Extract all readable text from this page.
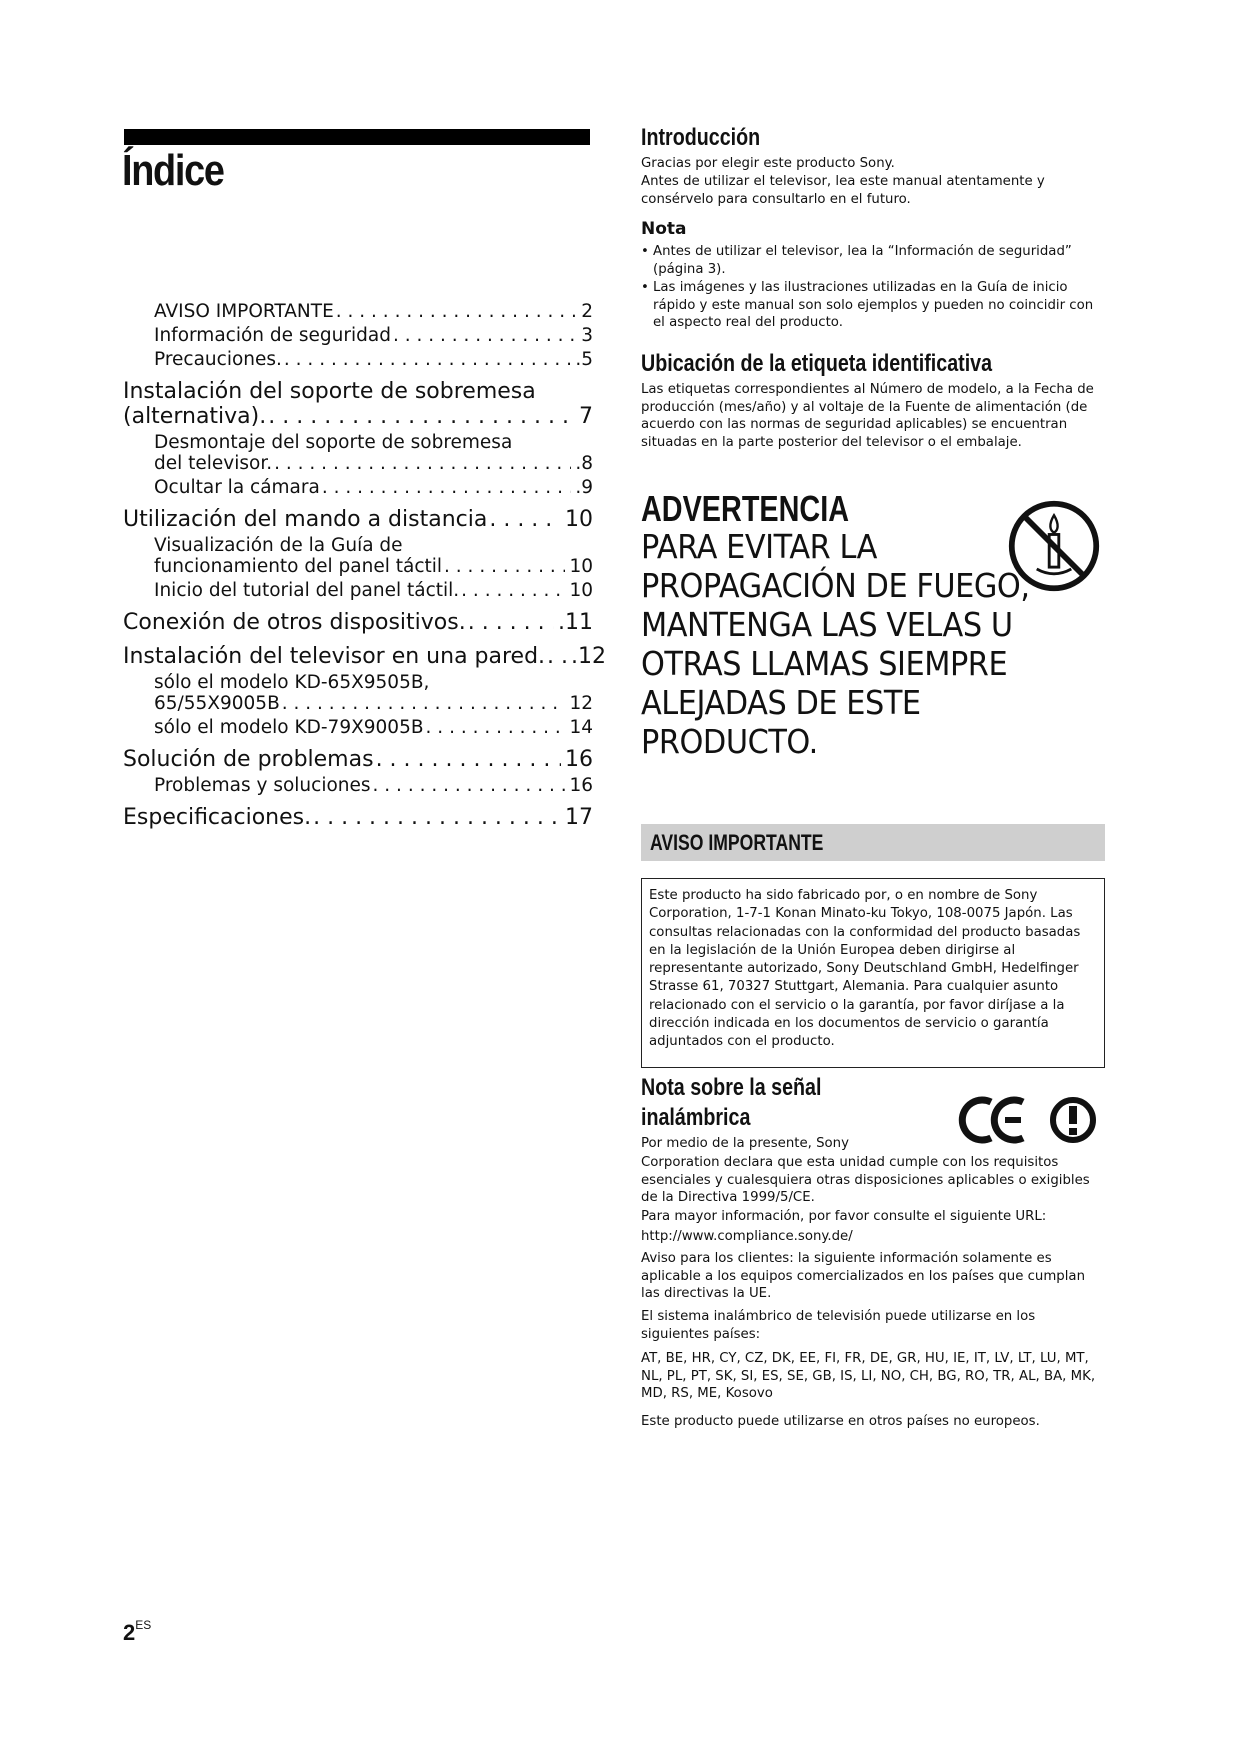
Índice
AVISO IMPORTANTE . . .	2
Información de seguridad . . .	3
Precauciones. . . .	.5
Instalación del soporte de sobremesa
(alternativa). . . .	7
Desmontaje del soporte de sobremesa
del televisor. . . .	.8
Ocultar la cámara . . .	.9
Utilización del mando a distancia . . .	10
Visualización de la Guía de
funcionamiento del panel táctil . . .	10
Inicio del tutorial del panel táctil. . . .	10
Conexión de otros dispositivos. . . .	.11
Instalación del televisor en una pared. . . . .12
sólo el modelo KD-65X9505B,
65/55X9005B . . .	12
sólo el modelo KD-79X9005B . . .	14
Solución de problemas . . .	16
Problemas y soluciones . . .	16
Especificaciones. . . .	17
$2^{ES}$
Introducción

Gracias por elegir este producto Sony.

Antes de utilizar el televisor, lea este manual atentamente y consérvelo para consultarlo en el futuro.

Nota
• Antes de utilizar el televisor, lea la “Información de seguridad” (página 3).
• Las imágenes y las ilustraciones utilizadas en la Guía de inicio rápido y este manual son solo ejemplos y pueden no coincidir con el aspecto real del producto.
Ubicación de la etiqueta identificativa

Las etiquetas correspondientes al Número de modelo, a la Fecha de producción (mes/año) y al voltaje de la Fuente de alimentación (de acuerdo con las normas de seguridad aplicables) se encuentran situadas en la parte posterior del televisor o el embalaje.

ADVERTENCIA

PARA EVITAR LA PROPAGACIÓN DE FUEGO, MANTENGA LAS VELAS U OTRAS LLAMAS SIEMPRE ALEJADAS DE ESTE PRODUCTO.

AVISO IMPORTANTE
Este producto ha sido fabricado por, o en nombre de Sony Corporation, 1-7-1 Konan Minato-ku Tokyo, 108-0075 Japón. Las consultas relacionadas con la conformidad del producto basadas en la legislación de la Unión Europea deben dirigirse al representante autorizado, Sony Deutschland GmbH, Hedelfinger Strasse 61, 70327 Stuttgart, Alemania. Para cualquier asunto relacionado con el servicio o la garantía, por favor diríjase a la dirección indicada en los documentos de servicio o garantía adjuntados con el producto.
Nota sobre la señal
inalámbrica

Por medio de la presente, Sony

Corporation declara que esta unidad cumple con los requisitos esenciales y cualesquiera otras disposiciones aplicables o exigibles de la Directiva 1999/5/CE.

Para mayor información, por favor consulte el siguiente URL:

http://www.compliance.sony.de/

Aviso para los clientes: la siguiente información solamente es aplicable a los equipos comercializados en los países que cumplan las directivas la UE.

El sistema inalámbrico de televisión puede utilizarse en los siguientes países:

AT, BE, HR, CY, CZ, DK, EE, FI, FR, DE, GR, HU, IE, IT, LV, LT, LU, MT, NL, PL, PT, SK, SI, ES, SE, GB, IS, LI, NO, CH, BG, RO, TR, AL, BA, MK, MD, RS, ME, Kosovo

Este producto puede utilizarse en otros países no europeos.
